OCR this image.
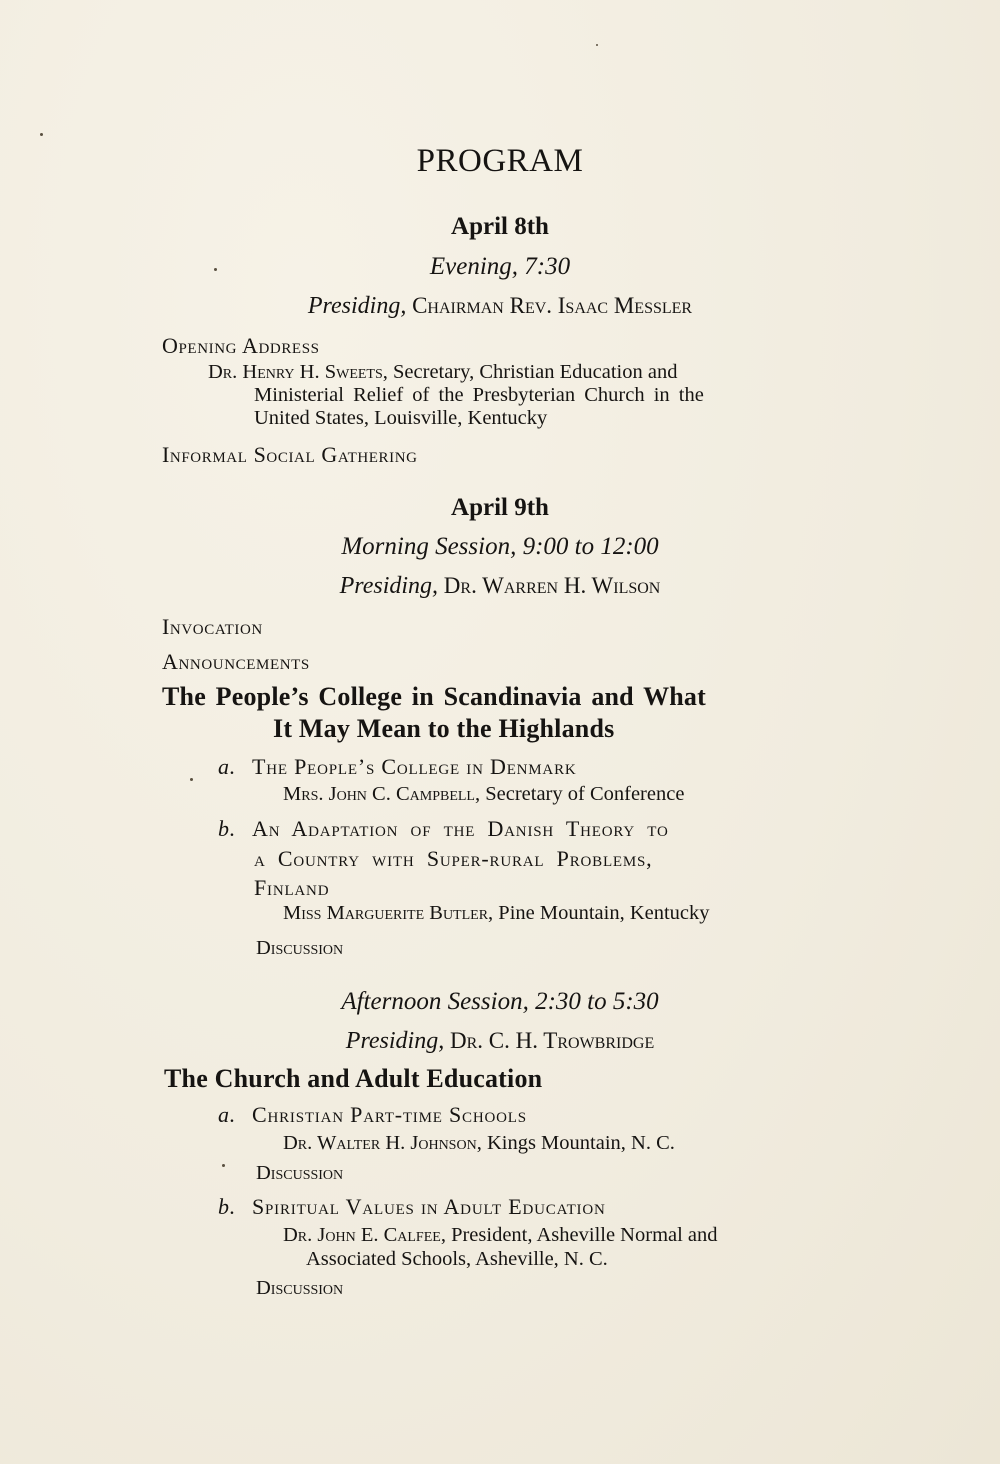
PROGRAM
April 8th
Evening, 7:30
Presiding, Chairman Rev. Isaac Messler
Opening Address
Dr. Henry H. Sweets, Secretary, Christian Education and
Ministerial Relief of the Presbyterian Church in the
United States, Louisville, Kentucky
Informal Social Gathering
April 9th
Morning Session, 9:00 to 12:00
Presiding, Dr. Warren H. Wilson
Invocation
Announcements
The People’s College in Scandinavia and What
It May Mean to the Highlands
a. The People’s College in Denmark
Mrs. John C. Campbell, Secretary of Conference
b. An Adaptation of the Danish Theory to
a Country with Super-rural Problems,
Finland
Miss Marguerite Butler, Pine Mountain, Kentucky
Discussion
Afternoon Session, 2:30 to 5:30
Presiding, Dr. C. H. Trowbridge
The Church and Adult Education
a. Christian Part-time Schools
Dr. Walter H. Johnson, Kings Mountain, N. C.
Discussion
b. Spiritual Values in Adult Education
Dr. John E. Calfee, President, Asheville Normal and
Associated Schools, Asheville, N. C.
Discussion
